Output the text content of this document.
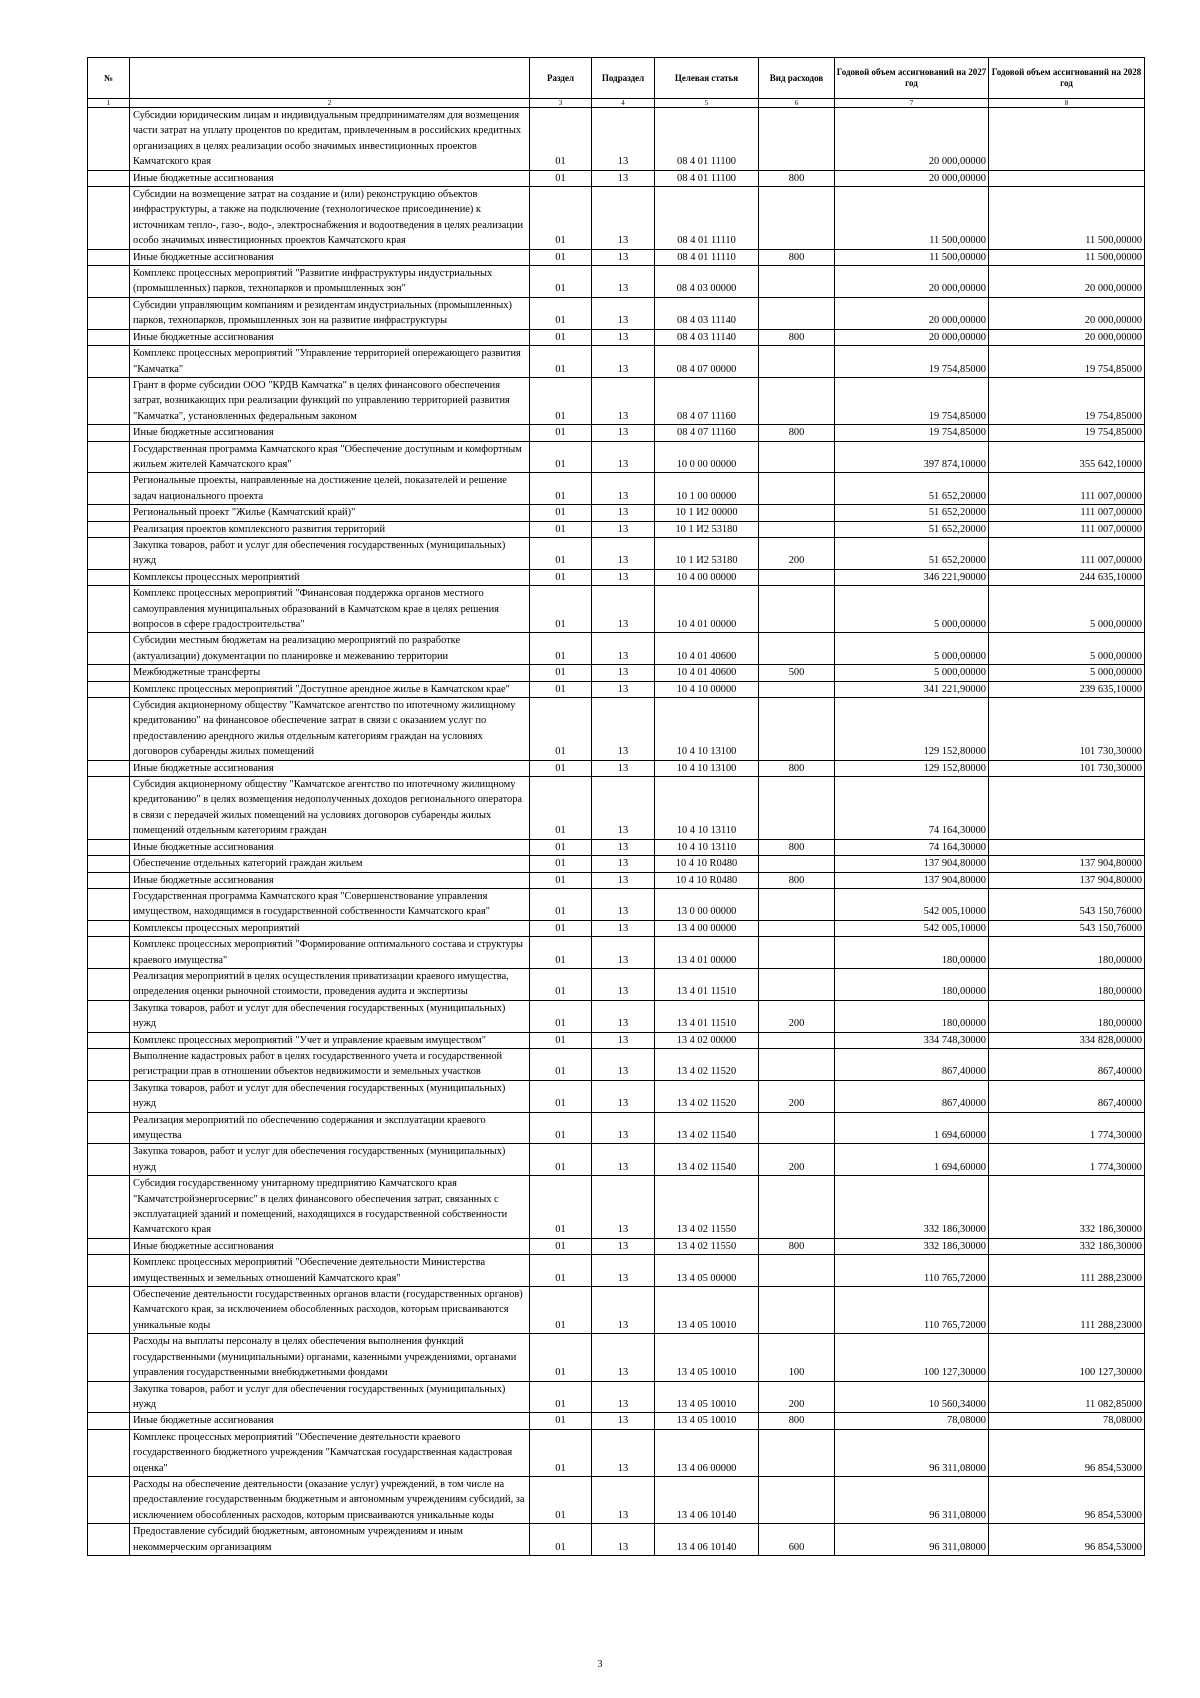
№		Раздел	Подраздел	Целевая статья	Вид расходов	Годовой объем ассигнований на 2027 год	Годовой объем ассигнований на 2028 год
1	2	3	4	5	6	7	8
	Субсидии юридическим лицам и индивидуальным предпринимателям для возмещения части затрат на уплату процентов по кредитам, привлеченным в российских кредитных организациях в целях реализации особо значимых инвестиционных проектов Камчатского края	01	13	08 4 01 11100		20 000,00000	
	Иные бюджетные ассигнования	01	13	08 4 01 11100	800	20 000,00000	
	Субсидии на возмещение затрат на создание и (или) реконструкцию объектов инфраструктуры, а также на подключение (технологическое присоединение) к источникам тепло-, газо-, водо-, электроснабжения и водоотведения в целях реализации особо значимых инвестиционных проектов Камчатского края	01	13	08 4 01 11110		11 500,00000	11 500,00000
	Иные бюджетные ассигнования	01	13	08 4 01 11110	800	11 500,00000	11 500,00000
	Комплекс процессных мероприятий "Развитие инфраструктуры индустриальных (промышленных) парков, технопарков и промышленных зон"	01	13	08 4 03 00000		20 000,00000	20 000,00000
	Субсидии управляющим компаниям и резидентам индустриальных (промышленных) парков, технопарков, промышленных зон на развитие инфраструктуры	01	13	08 4 03 11140		20 000,00000	20 000,00000
	Иные бюджетные ассигнования	01	13	08 4 03 11140	800	20 000,00000	20 000,00000
	Комплекс процессных мероприятий "Управление территорией опережающего развития "Камчатка"	01	13	08 4 07 00000		19 754,85000	19 754,85000
	Грант в форме субсидии ООО "КРДВ Камчатка" в целях финансового обеспечения затрат, возникающих при реализации функций по управлению территорией развития "Камчатка", установленных федеральным законом	01	13	08 4 07 11160		19 754,85000	19 754,85000
	Иные бюджетные ассигнования	01	13	08 4 07 11160	800	19 754,85000	19 754,85000
	Государственная программа Камчатского края "Обеспечение доступным и комфортным жильем жителей Камчатского края"	01	13	10 0 00 00000		397 874,10000	355 642,10000
	Региональные проекты, направленные на достижение целей, показателей и решение задач национального проекта	01	13	10 1 00 00000		51 652,20000	111 007,00000
	Региональный проект "Жилье (Камчатский край)"	01	13	10 1 И2 00000		51 652,20000	111 007,00000
	Реализация проектов комплексного развития территорий	01	13	10 1 И2 53180		51 652,20000	111 007,00000
	Закупка товаров, работ и услуг для обеспечения государственных (муниципальных) нужд	01	13	10 1 И2 53180	200	51 652,20000	111 007,00000
	Комплексы процессных мероприятий	01	13	10 4 00 00000		346 221,90000	244 635,10000
	Комплекс процессных мероприятий "Финансовая поддержка органов местного самоуправления муниципальных образований в Камчатском крае в целях решения вопросов в сфере градостроительства"	01	13	10 4 01 00000		5 000,00000	5 000,00000
	Субсидии местным бюджетам на реализацию мероприятий по разработке (актуализации) документации по планировке и межеванию территории	01	13	10 4 01 40600		5 000,00000	5 000,00000
	Межбюджетные трансферты	01	13	10 4 01 40600	500	5 000,00000	5 000,00000
	Комплекс процессных мероприятий "Доступное арендное жилье в Камчатском крае"	01	13	10 4 10 00000		341 221,90000	239 635,10000
	Субсидия акционерному обществу "Камчатское агентство по ипотечному жилищному кредитованию" на финансовое обеспечение затрат в связи с оказанием услуг по предоставлению арендного жилья отдельным категориям граждан на условиях договоров субаренды жилых помещений	01	13	10 4 10 13100		129 152,80000	101 730,30000
	Иные бюджетные ассигнования	01	13	10 4 10 13100	800	129 152,80000	101 730,30000
	Субсидия акционерному обществу "Камчатское агентство по ипотечному жилищному кредитованию" в целях возмещения недополученных доходов регионального оператора в связи с передачей жилых помещений на условиях договоров субаренды жилых помещений отдельным категориям граждан	01	13	10 4 10 13110		74 164,30000	
	Иные бюджетные ассигнования	01	13	10 4 10 13110	800	74 164,30000	
	Обеспечение отдельных категорий граждан жильем	01	13	10 4 10 R0480		137 904,80000	137 904,80000
	Иные бюджетные ассигнования	01	13	10 4 10 R0480	800	137 904,80000	137 904,80000
	Государственная программа Камчатского края "Совершенствование управления имуществом, находящимся в государственной собственности Камчатского края"	01	13	13 0 00 00000		542 005,10000	543 150,76000
	Комплексы процессных мероприятий	01	13	13 4 00 00000		542 005,10000	543 150,76000
	Комплекс процессных мероприятий "Формирование оптимального состава и структуры краевого имущества"	01	13	13 4 01 00000		180,00000	180,00000
	Реализация мероприятий в целях осуществления приватизации краевого имущества, определения оценки рыночной стоимости, проведения аудита и экспертизы	01	13	13 4 01 11510		180,00000	180,00000
	Закупка товаров, работ и услуг для обеспечения государственных (муниципальных) нужд	01	13	13 4 01 11510	200	180,00000	180,00000
	Комплекс процессных мероприятий "Учет и управление краевым имуществом"	01	13	13 4 02 00000		334 748,30000	334 828,00000
	Выполнение кадастровых работ в целях государственного учета и государственной регистрации прав в отношении объектов недвижимости и земельных участков	01	13	13 4 02 11520		867,40000	867,40000
	Закупка товаров, работ и услуг для обеспечения государственных (муниципальных) нужд	01	13	13 4 02 11520	200	867,40000	867,40000
	Реализация мероприятий по обеспечению содержания и эксплуатации краевого имущества	01	13	13 4 02 11540		1 694,60000	1 774,30000
	Закупка товаров, работ и услуг для обеспечения государственных (муниципальных) нужд	01	13	13 4 02 11540	200	1 694,60000	1 774,30000
	Субсидия государственному унитарному предприятию Камчатского края "Камчатстройэнергосервис" в целях финансового обеспечения затрат, связанных с эксплуатацией зданий и помещений, находящихся в государственной собственности Камчатского края	01	13	13 4 02 11550		332 186,30000	332 186,30000
	Иные бюджетные ассигнования	01	13	13 4 02 11550	800	332 186,30000	332 186,30000
	Комплекс процессных мероприятий "Обеспечение деятельности Министерства имущественных и земельных отношений Камчатского края"	01	13	13 4 05 00000		110 765,72000	111 288,23000
	Обеспечение деятельности государственных органов власти (государственных органов) Камчатского края, за исключением обособленных расходов, которым присваиваются уникальные коды	01	13	13 4 05 10010		110 765,72000	111 288,23000
	Расходы на выплаты персоналу в целях обеспечения выполнения функций государственными (муниципальными) органами, казенными учреждениями, органами управления государственными внебюджетными фондами	01	13	13 4 05 10010	100	100 127,30000	100 127,30000
	Закупка товаров, работ и услуг для обеспечения государственных (муниципальных) нужд	01	13	13 4 05 10010	200	10 560,34000	11 082,85000
	Иные бюджетные ассигнования	01	13	13 4 05 10010	800	78,08000	78,08000
	Комплекс процессных мероприятий "Обеспечение деятельности краевого государственного бюджетного учреждения "Камчатская государственная кадастровая оценка"	01	13	13 4 06 00000		96 311,08000	96 854,53000
	Расходы на обеспечение деятельности (оказание услуг) учреждений, в том числе на предоставление государственным бюджетным и автономным учреждениям субсидий, за исключением обособленных расходов, которым присваиваются уникальные коды	01	13	13 4 06 10140		96 311,08000	96 854,53000
	Предоставление субсидий бюджетным, автономным учреждениям и иным некоммерческим организациям	01	13	13 4 06 10140	600	96 311,08000	96 854,53000
3
